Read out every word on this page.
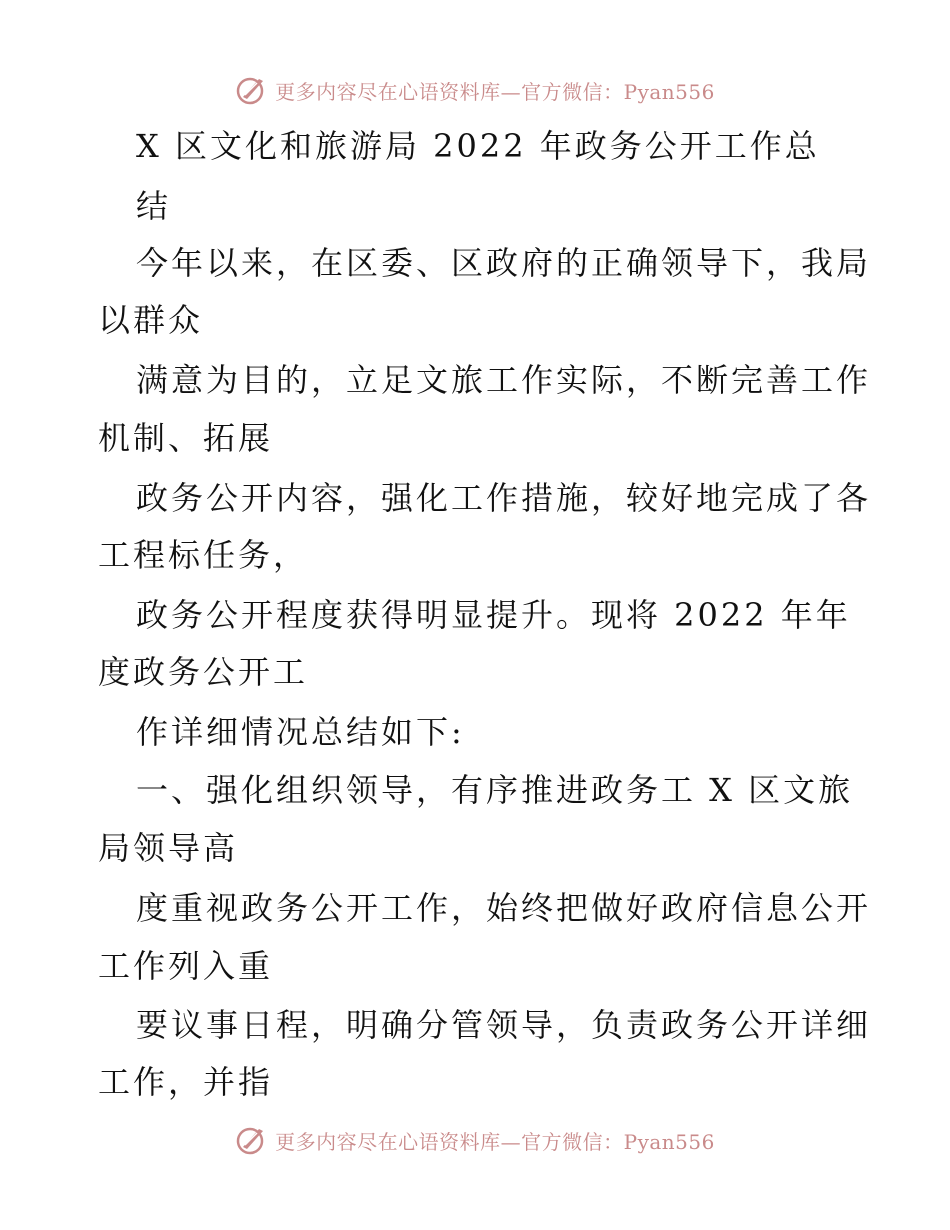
更多内容尽在心语资料库—官方微信：Pyan556
X 区文化和旅游局 2022 年政务公开工作总
结
今年以来，在区委、区政府的正确领导下，我局
以群众
满意为目的，立足文旅工作实际，不断完善工作
机制、拓展
政务公开内容，强化工作措施，较好地完成了各
工程标任务，
政务公开程度获得明显提升。现将 2022 年年
度政务公开工
作详细情况总结如下:
一、强化组织领导，有序推进政务工 X 区文旅
局领导高
度重视政务公开工作，始终把做好政府信息公开
工作列入重
要议事日程，明确分管领导，负责政务公开详细
工作，并指
更多内容尽在心语资料库—官方微信：Pyan556
